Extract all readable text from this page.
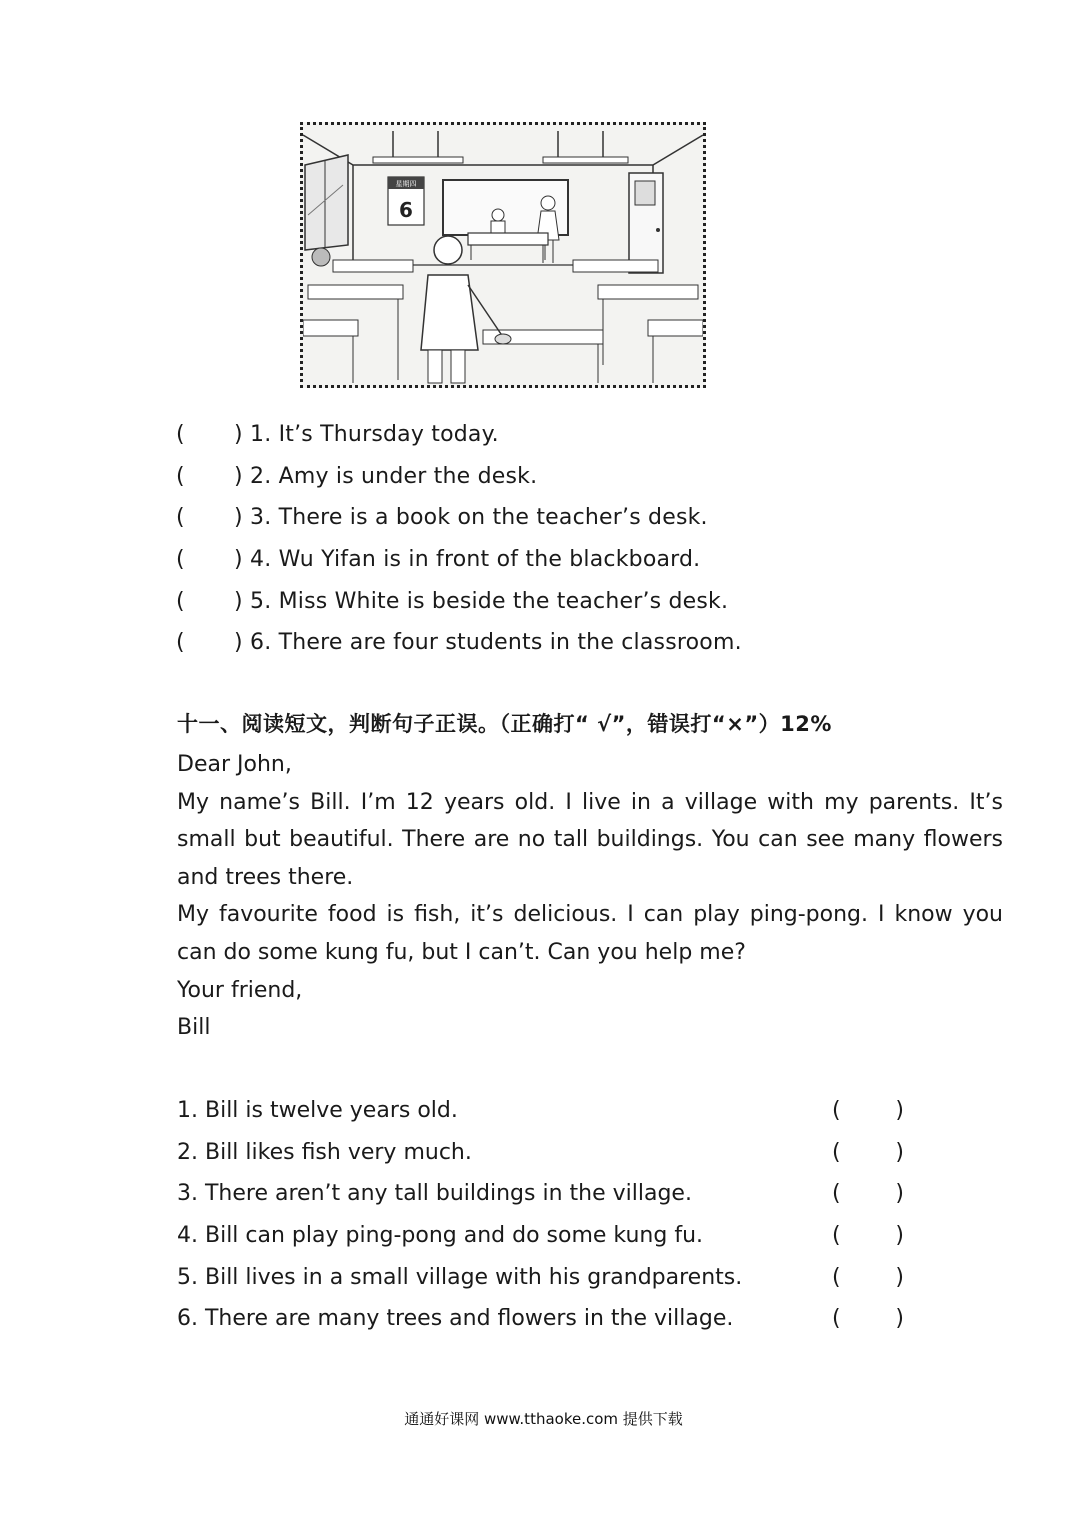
星期四
6
(	) 1. It’s Thursday today.
(	) 2. Amy is under the desk.
(	) 3. There is a book on the teacher’s desk.
(	) 4. Wu Yifan is in front of the blackboard.
(	) 5. Miss White is beside the teacher’s desk.
(	) 6. There are four students in the classroom.
十一、阅读短文，判断句子正误。（正确打“ √”，错误打“×”）12%

Dear John,

My name’s Bill. I’m 12 years old. I live in a village with my parents. It’s small but beautiful. There are no tall buildings. You can see many flowers and trees there.

My favourite food is fish, it’s delicious. I can play ping-pong. I know you can do some kung fu, but I can’t. Can you help me?

Your friend,

Bill

1. Bill is twelve years old.	( )
2. Bill likes fish very much.	( )
3. There aren’t any tall buildings in the village.	( )
4. Bill can play ping-pong and do some kung fu.	( )
5. Bill lives in a small village with his grandparents.	( )
6. There are many trees and flowers in the village.	( )
通通好课网 www.tthaoke.com 提供下载
